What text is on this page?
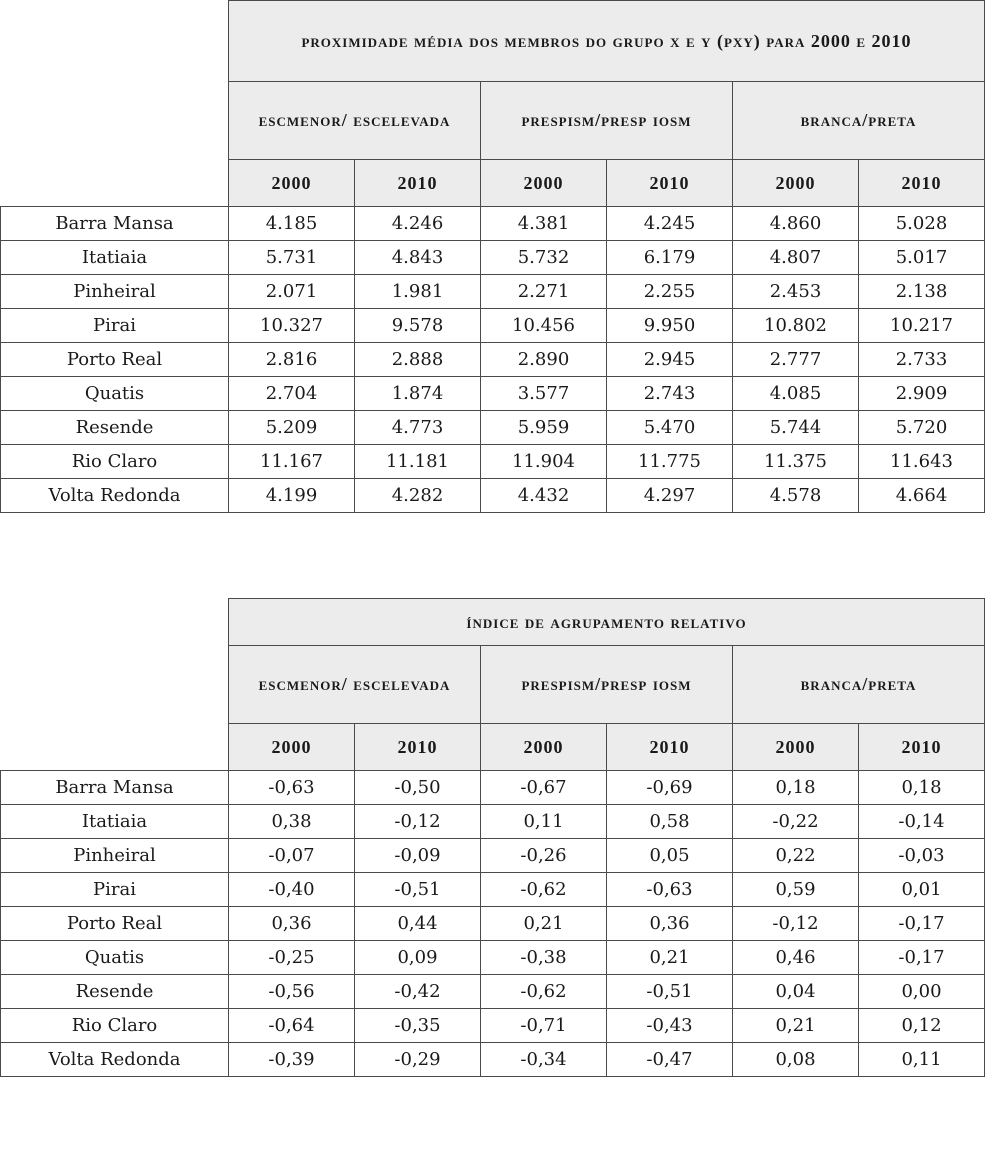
	proximidade média dos membros do grupo x e y (pxy) para 2000 e 2010					
	escmenor/ escelevada		prespism/presp iosm		branca/preta	
	2000	2010	2000	2010	2000	2010
Barra Mansa	4.185	4.246	4.381	4.245	4.860	5.028
Itatiaia	5.731	4.843	5.732	6.179	4.807	5.017
Pinheiral	2.071	1.981	2.271	2.255	2.453	2.138
Pirai	10.327	9.578	10.456	9.950	10.802	10.217
Porto Real	2.816	2.888	2.890	2.945	2.777	2.733
Quatis	2.704	1.874	3.577	2.743	4.085	2.909
Resende	5.209	4.773	5.959	5.470	5.744	5.720
Rio Claro	11.167	11.181	11.904	11.775	11.375	11.643
Volta Redonda	4.199	4.282	4.432	4.297	4.578	4.664
	índice de agrupamento relativo					
	escmenor/ escelevada		prespism/presp iosm		branca/preta	
	2000	2010	2000	2010	2000	2010
Barra Mansa	-0,63	-0,50	-0,67	-0,69	0,18	0,18
Itatiaia	0,38	-0,12	0,11	0,58	-0,22	-0,14
Pinheiral	-0,07	-0,09	-0,26	0,05	0,22	-0,03
Pirai	-0,40	-0,51	-0,62	-0,63	0,59	0,01
Porto Real	0,36	0,44	0,21	0,36	-0,12	-0,17
Quatis	-0,25	0,09	-0,38	0,21	0,46	-0,17
Resende	-0,56	-0,42	-0,62	-0,51	0,04	0,00
Rio Claro	-0,64	-0,35	-0,71	-0,43	0,21	0,12
Volta Redonda	-0,39	-0,29	-0,34	-0,47	0,08	0,11
